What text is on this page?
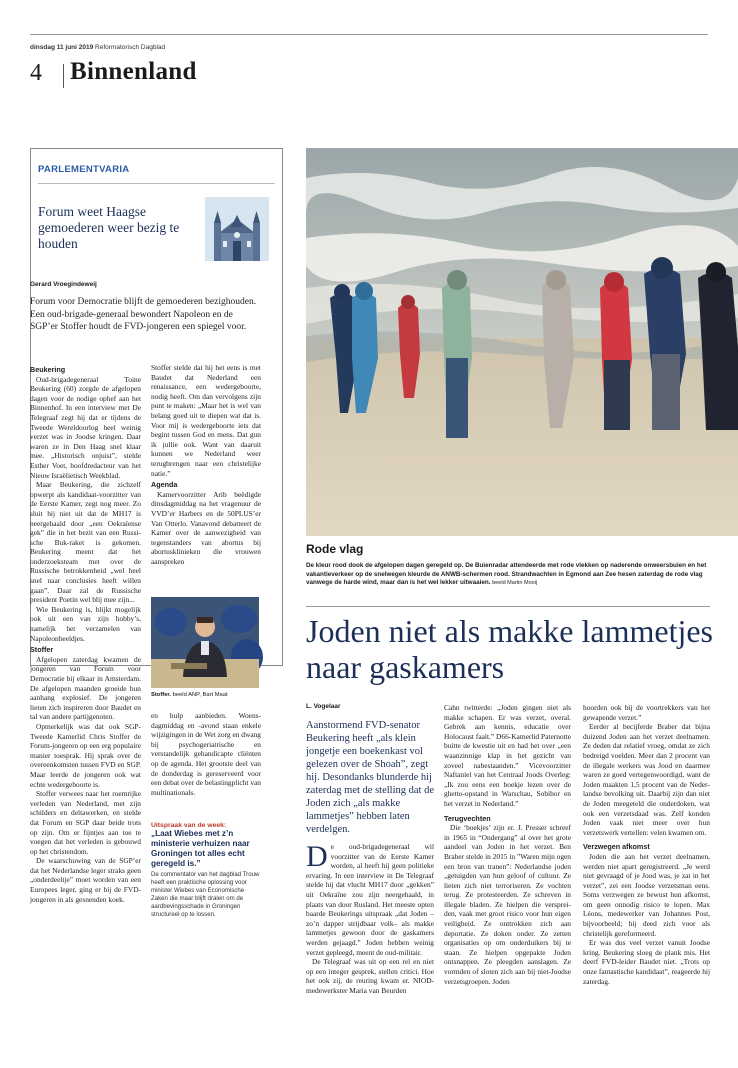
dinsdag 11 juni 2019 Reformatorisch Dagblad
4 Binnenland
PARLEMENTVARIA
Forum weet Haagse gemoederen weer bezig te houden
Gerard Vroegindeweij
Forum voor Democratie blijft de gemoederen bezighouden. Een oud-brigade-generaal bewondert Napoleon en de SGP’er Stoffer houdt de FVD-jongeren een spiegel voor.
Beukering

Oud-brigadegeneraal Toine Beukering (60) zorgde de afgelopen dagen voor de nodige ophef aan het Binnenhof. In een interview met De Telegraaf zegt hij dat er tijdens de Tweede Wereldoorlog heel weinig verzet was in Joodse kringen. Daar waren ze in Den Haag snel klaar mee. „Historisch onjuist”, stelde Esther Voet, hoofdredacteur van het Nieuw Israëlietisch Weekblad.

Maar Beukering, die zichzelf opwerpt als kandidaat-voorzitter van de Eerste Kamer, zegt nog meer. Zo sluit hij niet uit dat de MH17 is neergehaald door „een Oekraïense gek” die in het bezit van een Russische Buk-raket is gekomen. Beukering meent dat het onderzoeksteam met over de Russische betrokkenheid „wel heel snel naar conclusies heeft willen gaan”. Daar zal de Russische president Poetin wel blij mee zijn...

Wie Beukering is, blijkt mogelijk ook uit een van zijn hobby’s, namelijk het verzamelen van Napoleonbeeldjes.

Stoffer

Afgelopen zaterdag kwamen de jongeren van Forum voor Democratie bij elkaar in Amsterdam. De afgelopen maanden groeide hun aanhang explosief. De jongeren lieten zich inspireren door Baudet en tal van andere partijgenoten.

Opmerkelijk was dat ook SGP-Tweede Kamerlid Chris Stoffer de Forum-jongeren op een erg populaire manier toesprak. Hij sprak over de overeenkomsten tussen FVD en SGP. Maar leerde de jongeren ook wat echte wedergeboorte is.

Stoffer verwees naar het roemrijke verleden van Nederland, met zijn schilders en deltawerken, en stelde dat Forum en SGP daar beide trots op zijn. Om er fijntjes aan toe te voegen dat het verleden is gebouwd op het christendom.

De waarschuwing van de SGP’er dat het Nederlandse leger straks geen „onderdeeltje” moet worden van een Europees leger, ging er bij de FVD-jongeren in als gesnenden koek.

Stoffer stelde dat hij het eens is met Baudet dat Nederland een renaissance, een wedergeboorte, nodig heeft. Om dan vervolgens zijn punt te maken: „Maar het is wel van belang goed uit te diepen wat dat is. Voor mij is wedergeboorte iets dat begint tussen God en mens. Dat gun ik jullie ook. Want van daaruit kunnen we Nederland weer terugbrengen naar een christelijke natie.”

Agenda

Kamervoorzitter Arib beëdigde dinsdagmiddag na het vragenuur de VVD’er Harbers en de 50PLUS’er Van Otterlo. Vanavond debatteert de Kamer over de aanwezigheid van tegenstanders van abortus bij abortusklinieken die vrouwen aanspreken

Stoffer. beeld ANP, Bart Maat

en hulp aanbieden. Woensdagmiddag en -avond staan enkele wijzigingen in de Wet zorg en dwang bij psychogeriatrische en verstandelijk gehandicapte cliënten op de agenda. Het grootste deel van de donderdag is gereserveerd voor een debat over de belastingplicht van multinationals.

Uitspraak van de week:
„Laat Wiebes met z’n ministerie verhuizen naar Groningen tot alles echt geregeld is.”
De commentator van het dagblad Trouw heeft een praktische oplossing voor minister Wiebes van Economische Zaken die maar blijft dralen om de aardbevingsschade in Groningen structureel op te lossen.
Rode vlag
De kleur rood dook de afgelopen dagen geregeld op. De Buienradar attendeerde met rode vlekken op naderende onweersbuien en het vakantieverkeer op de snelwegen kleurde de ANWB-schermen rood. Strandwachten in Egmond aan Zee hesen zaterdag de rode vlag vanwege de harde wind, maar dan is het wel lekker uitwaaien. beeld Martin Mooij
Joden niet als makke lammetjes naar gaskamers
L. Vogelaar
Aanstormend FVD-senator Beukering heeft „als klein jongetje een boekenkast vol gelezen over de Shoah”, zegt hij. Desondanks blunderde hij zaterdag met de stelling dat de Joden zich „als makke lammetjes” hebben laten verdelgen.

De oud-brigadegeneraal wil voorzitter van de Eerste Kamer worden, al heeft hij geen politieke ervaring. In een interview in De Telegraaf stelde hij dat vlucht MH17 door „gekken” uit Oekraïne zou zijn neergehaald, in plaats van door Rusland. Het meeste opten baarde Beukerings uitspraak „dat Joden –zo’n dapper strijdbaar volk– als makke lammetjes gewoon door de gaskamers werden gejaagd.” Joden hebben weinig verzet gepleegd, meent de oud-militair.

De Telegraaf was uit op een rel en niet op een integer gesprek, stellen critici. Hoe het ook zij, de reuring kwam er. NIOD-medewerkster Maria van Beurden

Cahn twitterde: „Joden gingen niet als makke schapen. Er was verzet, overal. Gebrek aan kennis, educatie over Holocaust faalt.” D66-Kamerlid Paternotte buitte de kwestie uit en had het over „een waanzinnige klap in het gezicht van zoveel nabestaanden.” Vicevoorzitter Naftaniel van het Centraal Joods Overleg: „Ik zou eens een boekje lezen over de ghetto-opstand in Warschau, Sobibor en het verzet in Nederland.”

Terugvechten

Die ‘boekjes’ zijn er. J. Presser schreef in 1965 in “Ondergang” al over het grote aandeel van Joden in het verzet. Ben Braber stelde in 2015 in ”Waren mijn ogen een bron van tranen”: Nederlandse joden „getuigden van hun geloof of cultuur. Ze lieten zich niet terroriseren. Ze vochten terug. Ze protesteerden. Ze schreven in illegale bladen. Ze hielpen die verspreiden, vaak met groot risico voor hun eigen veiligheid. Ze onttrokken zich aan deportatie. Ze doken onder. Ze zetten organisaties op om onderduikers bij te staan. Ze hielpen opgepakte Joden ontsnappen. Ze pleegden aanslagen. Ze vormden of sloten zich aan bij niet-Joodse verzetsgroepen. Joden

hoorden ook bij de voortrekkers van het gewapende verzet.”

Eerder al becijferde Braber dat bijna duizend Joden aan het verzet deelnamen. Ze deden dat relatief vroeg, omdat ze zich bedreigd voelden. Meer dan 2 procent van de illegale werkers was Jood en daarmee waren ze goed vertegenwoordigd, want de Joden maakten 1,5 procent van de Nederlandse bevolking uit. Daarbij zijn dan niet de Joden meegeteld die onderdoken, wat ook een verzetsdaad was. Zelf konden Joden vaak niet meer over hun verzetswerk vertellen: velen kwamen om.

Verzwegen afkomst

Joden die aan het verzet deelnamen, werden niet apart geregistreerd. „Je werd niet gevraagd of je Jood was, je zat in het verzet”, zei een Joodse verzetsman eens. Soms verzwegen ze bewust hun afkomst, om geen onnodig risico te lopen. Max Léons, medewerker van Johannes Post, bijvoorbeeld; hij deed zich voor als christelijk gereformeerd.

Er was dus veel verzet vanuit Joodse kring. Beukering sloeg de plank mis. Het deerf FVD-leider Baudet niet. „Trots op onze fantastische kandidaat”, reageerde hij zaterdag.
